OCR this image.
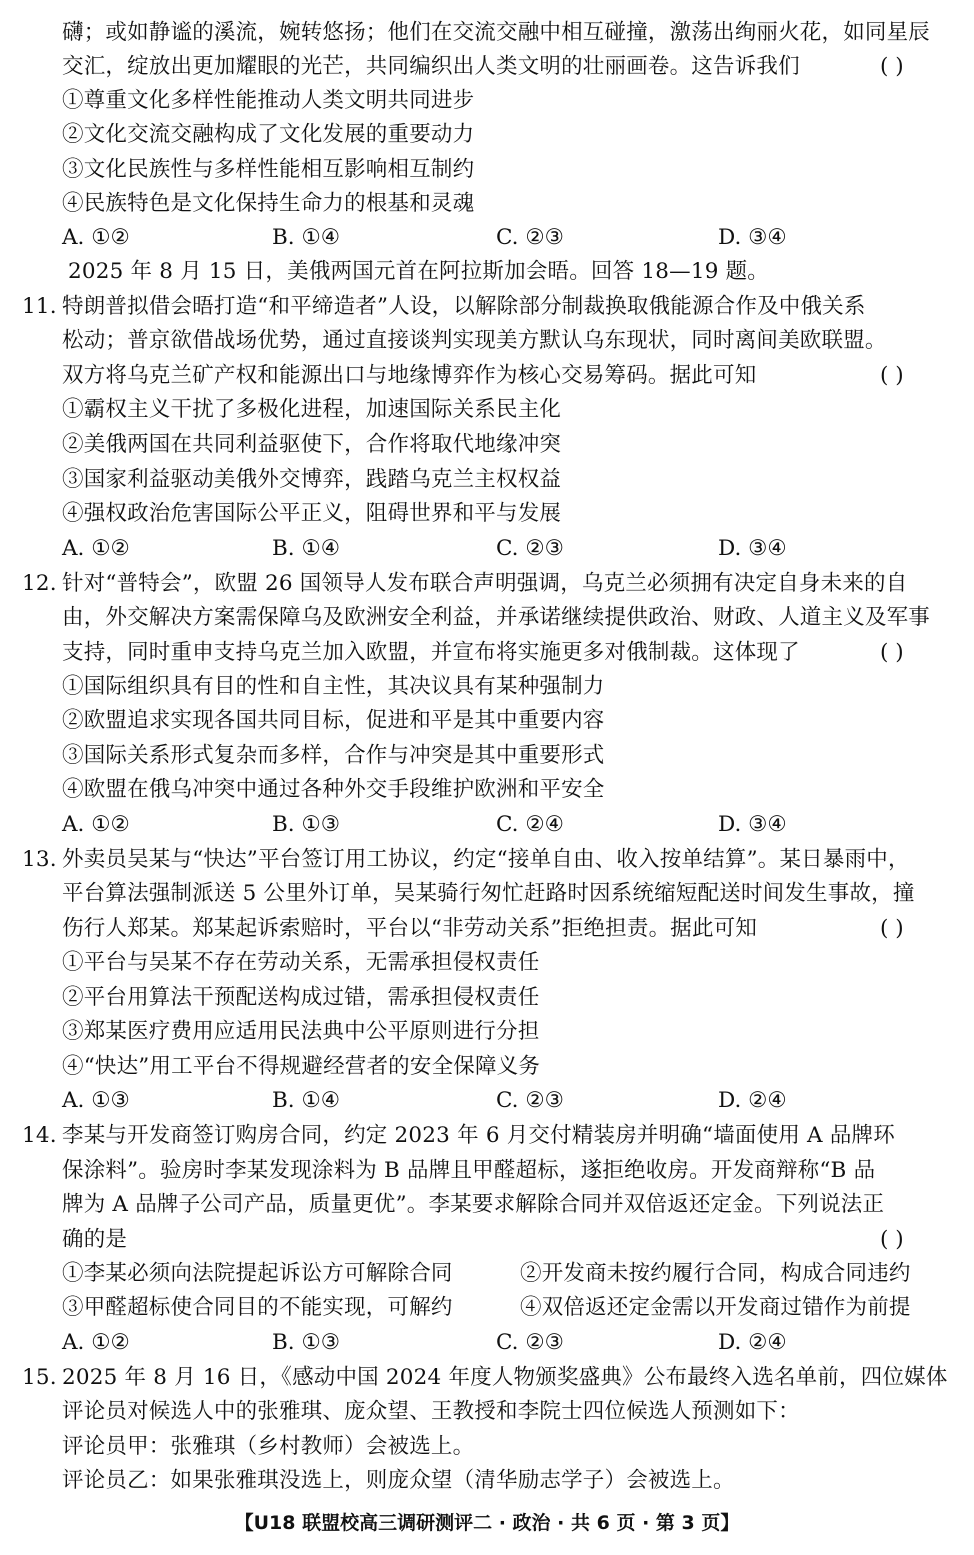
礴；或如静谧的溪流，婉转悠扬；他们在交流交融中相互碰撞，激荡出绚丽火花，如同星辰
交汇，绽放出更加耀眼的光芒，共同编织出人类文明的壮丽画卷。这告诉我们	( )
①尊重文化多样性能推动人类文明共同进步
②文化交流交融构成了文化发展的重要动力
③文化民族性与多样性能相互影响相互制约
④民族特色是文化保持生命力的根基和灵魂
A. ①②	B. ①④	C. ②③	D. ③④
2025 年 8 月 15 日，美俄两国元首在阿拉斯加会晤。回答 18—19 题。
11. 特朗普拟借会晤打造“和平缔造者”人设，以解除部分制裁换取俄能源合作及中俄关系
松动；普京欲借战场优势，通过直接谈判实现美方默认乌东现状，同时离间美欧联盟。
双方将乌克兰矿产权和能源出口与地缘博弈作为核心交易筹码。据此可知	( )
①霸权主义干扰了多极化进程，加速国际关系民主化
②美俄两国在共同利益驱使下，合作将取代地缘冲突
③国家利益驱动美俄外交博弈，践踏乌克兰主权权益
④强权政治危害国际公平正义，阻碍世界和平与发展
A. ①②	B. ①④	C. ②③	D. ③④
12. 针对“普特会”，欧盟 26 国领导人发布联合声明强调，乌克兰必须拥有决定自身未来的自
由，外交解决方案需保障乌及欧洲安全利益，并承诺继续提供政治、财政、人道主义及军事
支持，同时重申支持乌克兰加入欧盟，并宣布将实施更多对俄制裁。这体现了	( )
①国际组织具有目的性和自主性，其决议具有某种强制力
②欧盟追求实现各国共同目标，促进和平是其中重要内容
③国际关系形式复杂而多样，合作与冲突是其中重要形式
④欧盟在俄乌冲突中通过各种外交手段维护欧洲和平安全
A. ①②	B. ①③	C. ②④	D. ③④
13. 外卖员吴某与“快达”平台签订用工协议，约定“接单自由、收入按单结算”。某日暴雨中，
平台算法强制派送 5 公里外订单，吴某骑行匆忙赶路时因系统缩短配送时间发生事故，撞
伤行人郑某。郑某起诉索赔时，平台以“非劳动关系”拒绝担责。据此可知	( )
①平台与吴某不存在劳动关系，无需承担侵权责任
②平台用算法干预配送构成过错，需承担侵权责任
③郑某医疗费用应适用民法典中公平原则进行分担
④“快达”用工平台不得规避经营者的安全保障义务
A. ①③	B. ①④	C. ②③	D. ②④
14. 李某与开发商签订购房合同，约定 2023 年 6 月交付精装房并明确“墙面使用 A 品牌环
保涂料”。验房时李某发现涂料为 B 品牌且甲醛超标，遂拒绝收房。开发商辩称“B 品
牌为 A 品牌子公司产品，质量更优”。李某要求解除合同并双倍返还定金。下列说法正
确的是	( )
①李某必须向法院提起诉讼方可解除合同	②开发商未按约履行合同，构成合同违约
③甲醛超标使合同目的不能实现，可解约	④双倍返还定金需以开发商过错作为前提
A. ①②	B. ①③	C. ②③	D. ②④
15. 2025 年 8 月 16 日，《感动中国 2024 年度人物颁奖盛典》公布最终入选名单前，四位媒体
评论员对候选人中的张雅琪、庞众望、王教授和李院士四位候选人预测如下：
评论员甲：张雅琪（乡村教师）会被选上。
评论员乙：如果张雅琪没选上，则庞众望（清华励志学子）会被选上。
【U18 联盟校高三调研测评二 · 政治 · 共 6 页 · 第 3 页】
